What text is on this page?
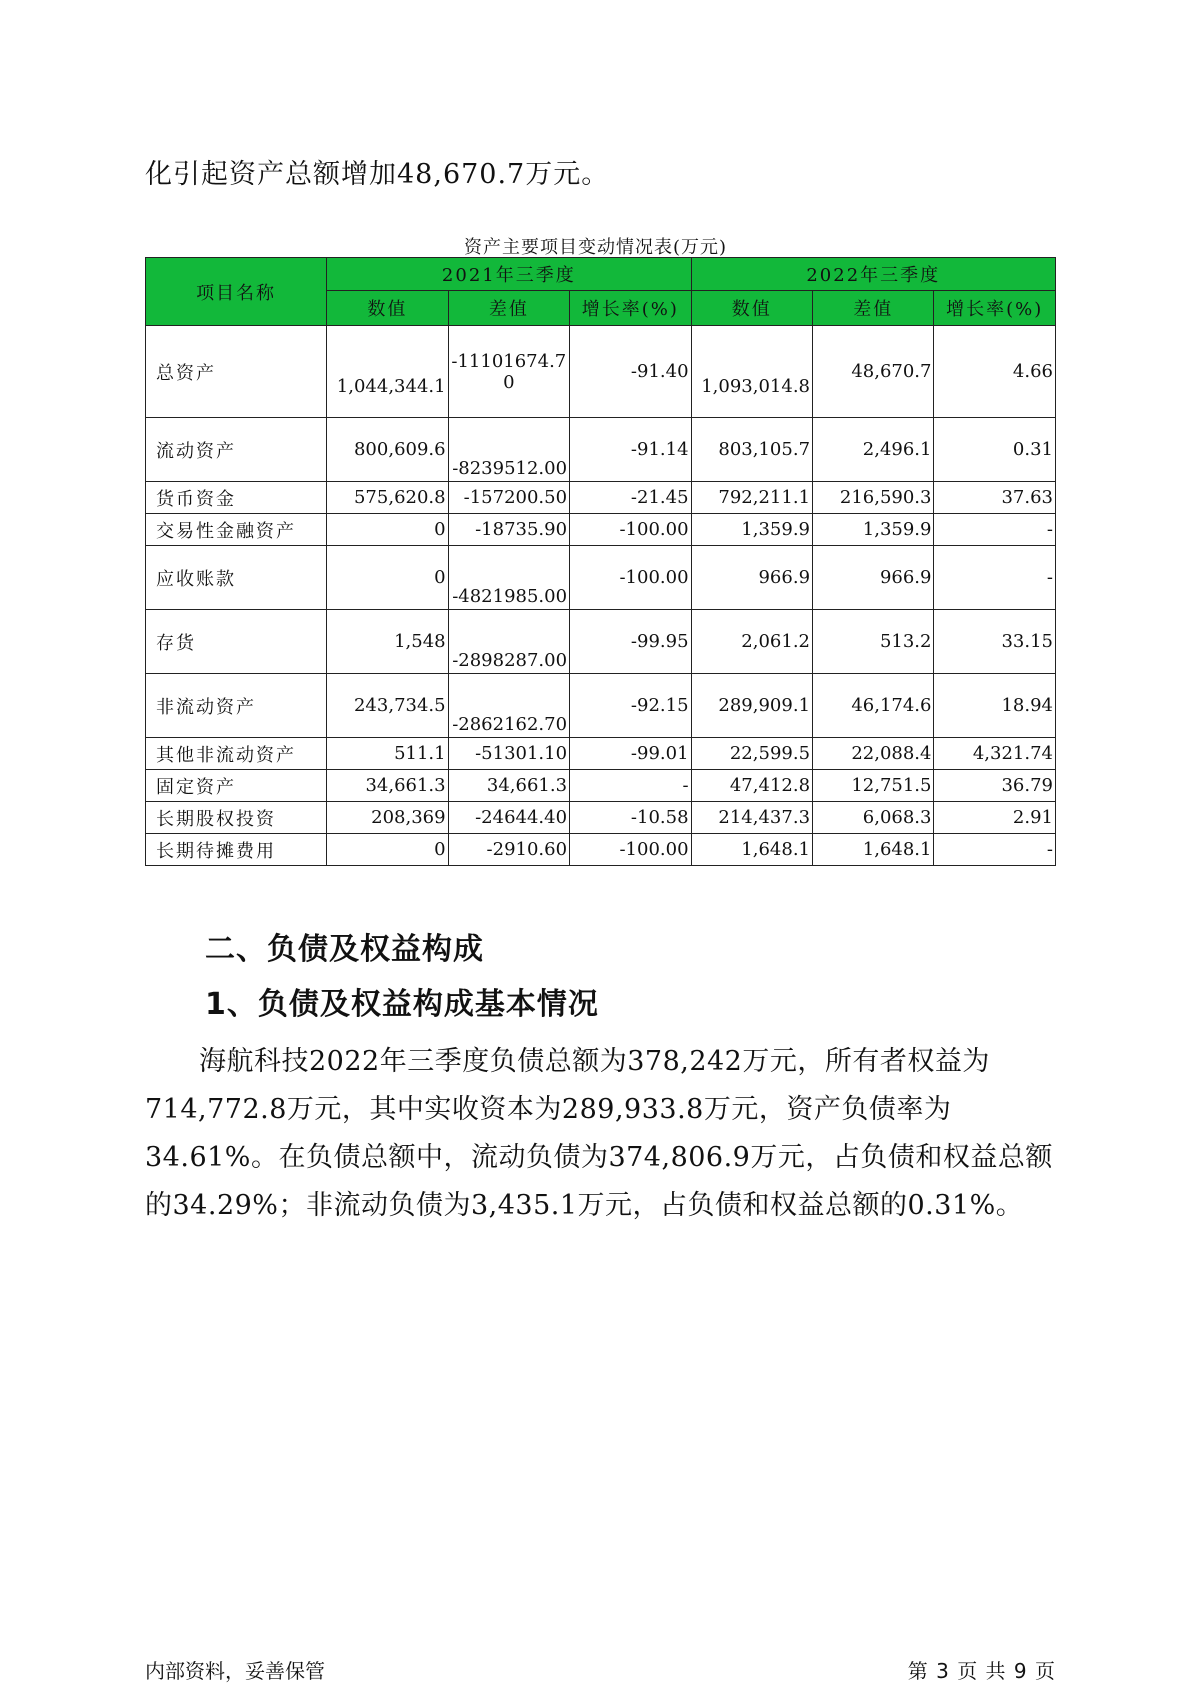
化引起资产总额增加48,670.7万元。
资产主要项目变动情况表(万元)
项目名称	2021年三季度			2022年三季度		
	数值	差值	增长率(%)	数值	差值	增长率(%)
总资产	1,044,344.1	-11101674.70	-91.40	1,093,014.8	48,670.7	4.66
流动资产	800,609.6	-8239512.00	-91.14	803,105.7	2,496.1	0.31
货币资金	575,620.8	-157200.50	-21.45	792,211.1	216,590.3	37.63
交易性金融资产	0	-18735.90	-100.00	1,359.9	1,359.9	-
应收账款	0	-4821985.00	-100.00	966.9	966.9	-
存货	1,548	-2898287.00	-99.95	2,061.2	513.2	33.15
非流动资产	243,734.5	-2862162.70	-92.15	289,909.1	46,174.6	18.94
其他非流动资产	511.1	-51301.10	-99.01	22,599.5	22,088.4	4,321.74
固定资产	34,661.3	34,661.3	-	47,412.8	12,751.5	36.79
长期股权投资	208,369	-24644.40	-10.58	214,437.3	6,068.3	2.91
长期待摊费用	0	-2910.60	-100.00	1,648.1	1,648.1	-
二、负债及权益构成
1、负债及权益构成基本情况
海航科技2022年三季度负债总额为378,242万元，所有者权益为714,772.8万元，其中实收资本为289,933.8万元，资产负债率为34.61%。在负债总额中，流动负债为374,806.9万元，占负债和权益总额的34.29%；非流动负债为3,435.1万元，占负债和权益总额的0.31%。
内部资料，妥善保管	第 3 页 共 9 页
